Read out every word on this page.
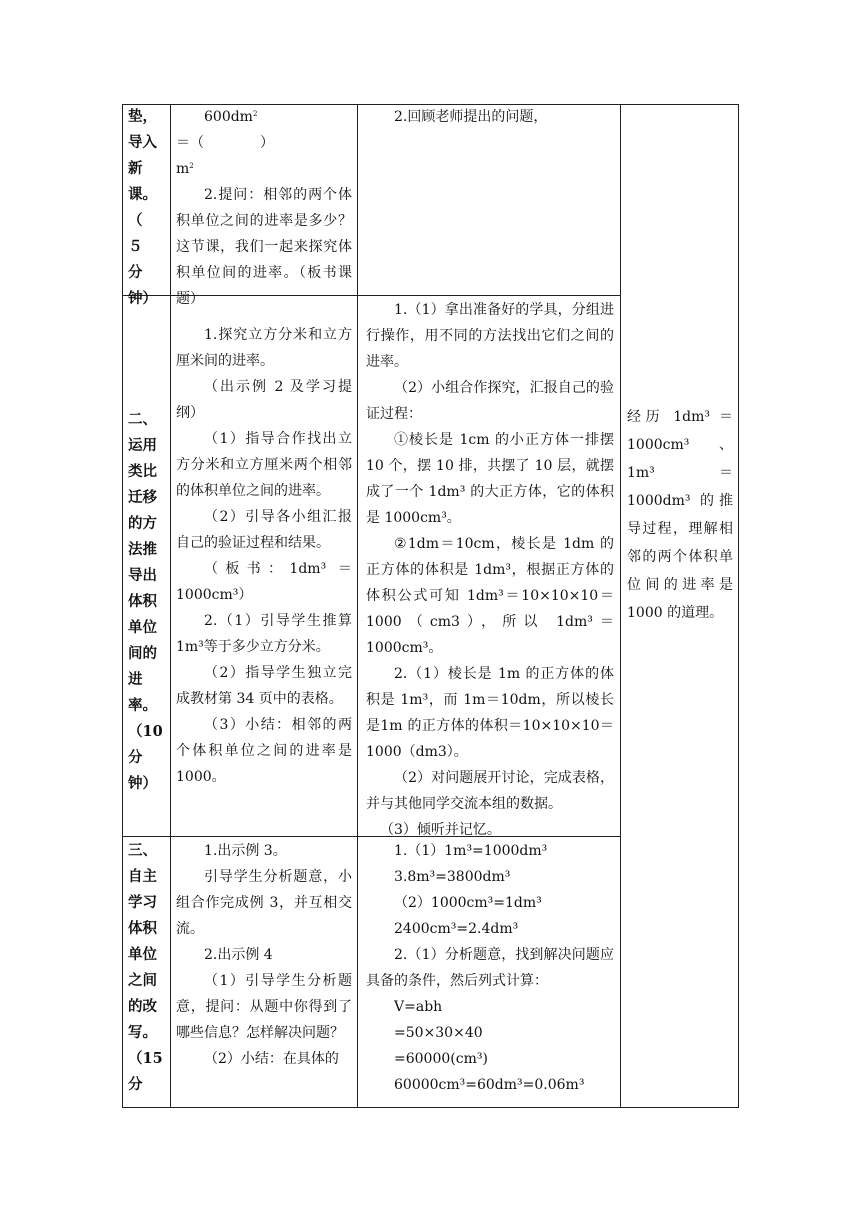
垫，
导入
新
课。
（　５
分
钟）

$600dm^2=$（　　　　）

$m^2$

2.提问：相邻的两个体积单位之间的进率是多少？这节课，我们一起来探究体积单位间的进率。（板书课题）

2.回顾老师提出的问题，

二、
运用
类比
迁移
的方
法推
导出
体积
单位
间的
进
率。
（10
分
钟）

1.探究立方分米和立方厘米间的进率。

（出示例 2 及学习提纲）

（1）指导合作找出立方分米和立方厘米两个相邻的体积单位之间的进率。

（2）引导各小组汇报自己的验证过程和结果。

（板书：1dm³ ＝1000cm³）

2.（1）引导学生推算1m³等于多少立方分米。

（2）指导学生独立完成教材第 34 页中的表格。

（3）小结：相邻的两个体积单位之间的进率是1000。

1.（1）拿出准备好的学具，分组进行操作，用不同的方法找出它们之间的进率。

（2）小组合作探究，汇报自己的验证过程：

①棱长是 1cm 的小正方体一排摆 10 个，摆 10 排，共摆了 10 层，就摆成了一个 1dm³ 的大正方体，它的体积是 1000cm³。

②1dm＝10cm，棱长是 1dm 的正方体的体积是 1dm³，根据正方体的体积公式可知 1dm³＝10×10×10＝1000（cm3），所以 1dm³＝1000cm³。

2.（1）棱长是 1m 的正方体的体积是 1m³，而 1m＝10dm，所以棱长是1m 的正方体的体积＝10×10×10＝1000（dm3）。

（2）对问题展开讨论，完成表格，并与其他同学交流本组的数据。

（3）倾听并记忆。

经历 1dm³ ＝1000cm³ 、 1m³ ＝1000dm³ 的推导过程，理解相邻的两个体积单位间的进率是1000 的道理。

三、
自主
学习
体积
单位
之间
的改
写。
（15
分

1.出示例 3。

引导学生分析题意，小组合作完成例 3，并互相交流。

2.出示例 4

（1）引导学生分析题意，提问：从题中你得到了哪些信息？怎样解决问题？

（2）小结：在具体的

1.（1）1m³=1000dm³

3.8m³=3800dm³

（2）1000cm³=1dm³

2400cm³=2.4dm³

2.（1）分析题意，找到解决问题应具备的条件，然后列式计算：

V=abh

=50×30×40

=60000(cm³)

60000cm³=60dm³=0.06m³
